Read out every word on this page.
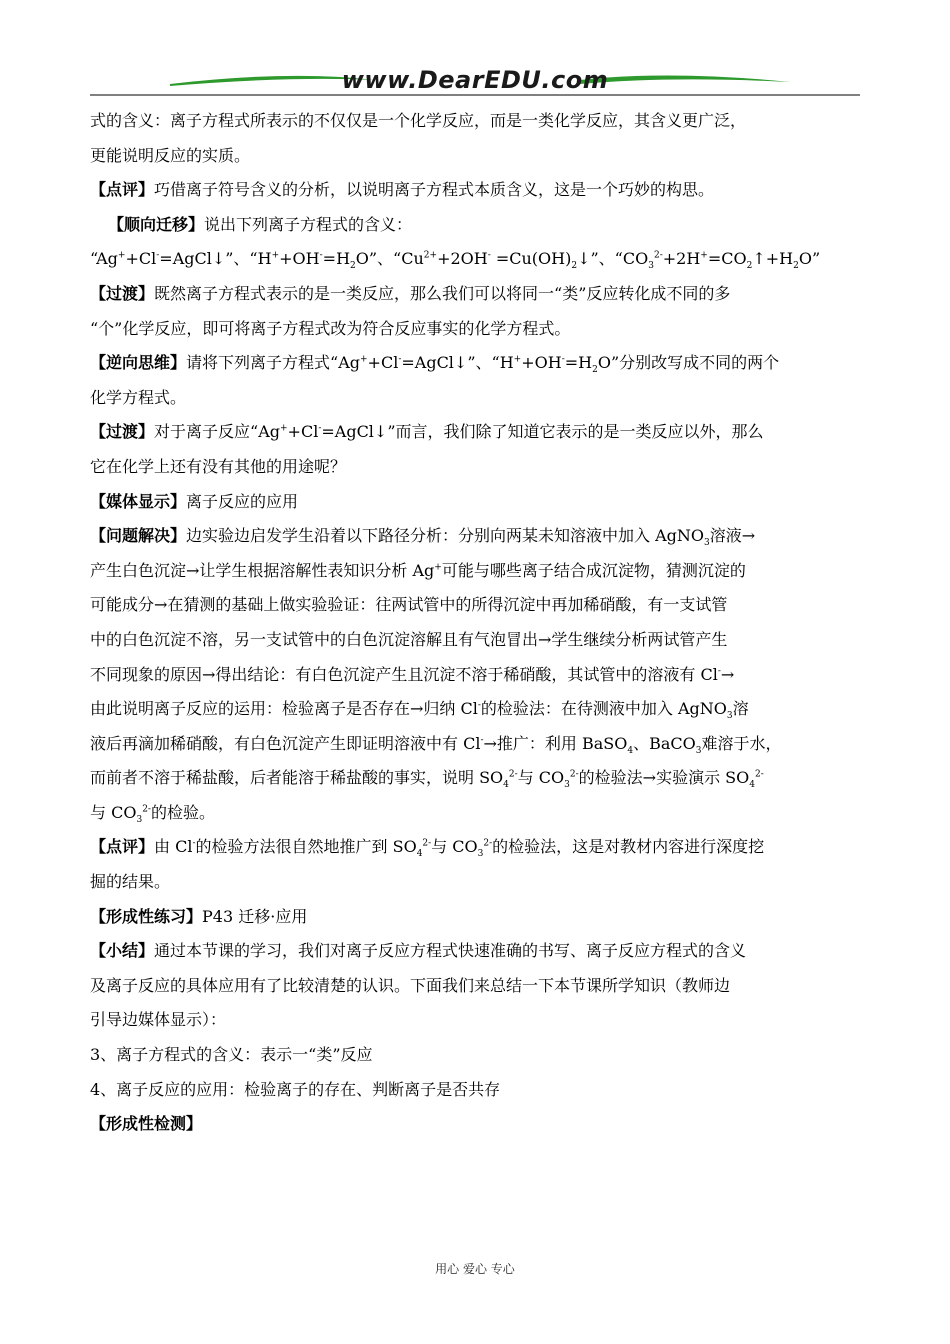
www.DearEDU.com

式的含义：离子方程式所表示的不仅仅是一个化学反应，而是一类化学反应，其含义更广泛，
更能说明反应的实质。

【点评】巧借离子符号含义的分析，以说明离子方程式本质含义，这是一个巧妙的构思。

【顺向迁移】说出下列离子方程式的含义：

“Ag++Cl-=AgCl↓”、“$H^++OH^-=H_2O$”、“$Cu^{2+}+2OH^-$ $=Cu(OH)_2↓$”、“$CO_3^{2-}+2H^+=CO_2↑+H_2O$”

【过渡】既然离子方程式表示的是一类反应，那么我们可以将同一“类”反应转化成不同的多
“个”化学反应，即可将离子方程式改为符合反应事实的化学方程式。

【逆向思维】请将下列离子方程式“Ag++Cl-=AgCl↓”、“$H^++OH^-=H_2O$”分别改写成不同的两个
化学方程式。

【过渡】对于离子反应“Ag++Cl-=AgCl↓”而言，我们除了知道它表示的是一类反应以外，那么
它在化学上还有没有其他的用途呢？

【媒体显示】离子反应的应用

【问题解决】边实验边启发学生沿着以下路径分析：分别向两某未知溶液中加入 AgNO$_3$溶液→
产生白色沉淀→让学生根据溶解性表知识分析 Ag+可能与哪些离子结合成沉淀物，猜测沉淀的
可能成分→在猜测的基础上做实验验证：往两试管中的所得沉淀中再加稀硝酸，有一支试管
中的白色沉淀不溶，另一支试管中的白色沉淀溶解且有气泡冒出→学生继续分析两试管产生
不同现象的原因→得出结论：有白色沉淀产生且沉淀不溶于稀硝酸，其试管中的溶液有 Cl-→
由此说明离子反应的运用：检验离子是否存在→归纳 Cl-的检验法：在待测液中加入 AgNO$_3$溶
液后再滴加稀硝酸，有白色沉淀产生即证明溶液中有 Cl-→推广：利用 BaSO$_4$、BaCO$_3$难溶于水，
而前者不溶于稀盐酸，后者能溶于稀盐酸的事实，说明 $SO_4^{2-}$与 $CO_3^{2-}$的检验法→实验演示 $SO_4^{2-}$
与 $CO_3^{2-}$的检验。

【点评】由 Cl-的检验方法很自然地推广到 $SO_4^{2-}$与 $CO_3^{2-}$的检验法，这是对教材内容进行深度挖
掘的结果。

【形成性练习】P43 迁移·应用

【小结】通过本节课的学习，我们对离子反应方程式快速准确的书写、离子反应方程式的含义
及离子反应的具体应用有了比较清楚的认识。下面我们来总结一下本节课所学知识（教师边
引导边媒体显示）：

3、离子方程式的含义：表示一“类”反应

4、离子反应的应用：检验离子的存在、判断离子是否共存

【形成性检测】

用心 爱心 专心
